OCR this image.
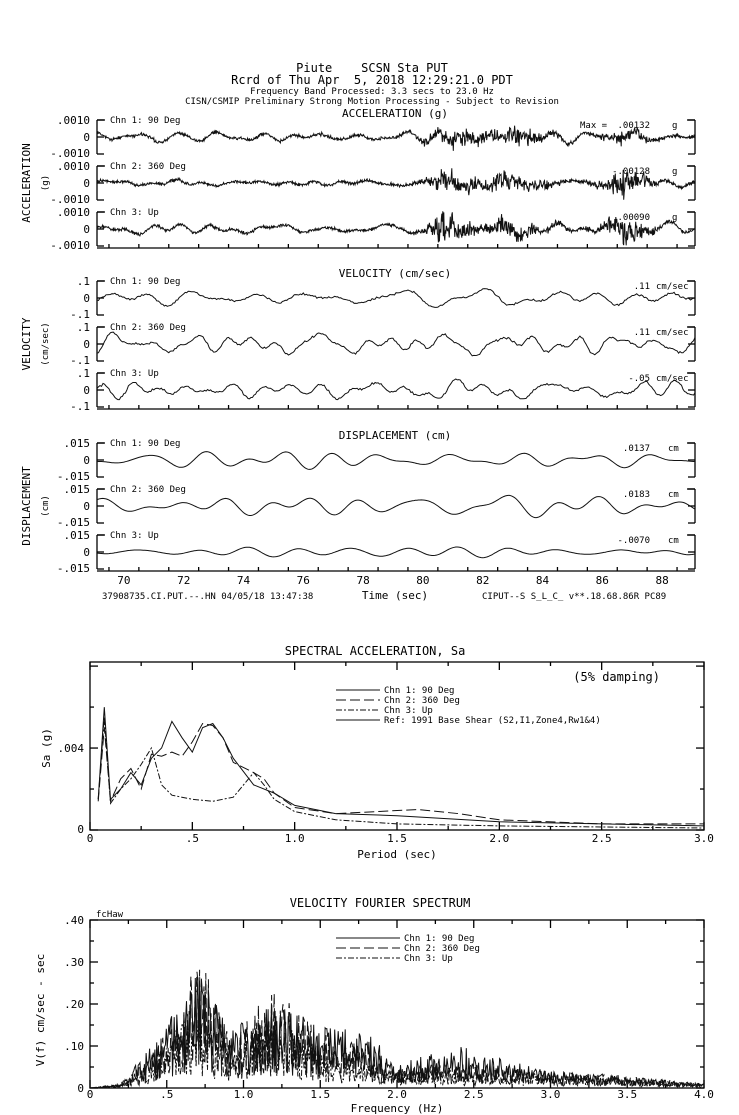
Piute    SCSN Sta PUT
Rcrd of Thu Apr  5, 2018 12:29:21.0 PDT
Frequency Band Processed: 3.3 secs to 23.0 Hz
CISN/CSMIP Preliminary Strong Motion Processing - Subject to Revision
37908735.CI.PUT.--.HN 04/05/18 13:47:38	CIPUT--S S_L_C_ v**.18.68.86R PC89
ACCELERATION (g)
ACCELERATION (g)
.0010
0
-.0010
Chn 1: 90 Deg	Max = .00132 g
.0010
0
-.0010
Chn 2: 360 Deg	-.00128 g
.0010
0
-.0010
Chn 3: Up	.00090 g
VELOCITY (cm/sec)
VELOCITY (cm/sec)
.1
0
-.1
Chn 1: 90 Deg	.11 cm/sec
.1
0
-.1
Chn 2: 360 Deg	.11 cm/sec
.1
0
-.1
Chn 3: Up	-.05 cm/sec
DISPLACEMENT (cm)
DISPLACEMENT (cm)
.015
0
-.015
Chn 1: 90 Deg	.0137 cm
.015
0
-.015
Chn 2: 360 Deg	.0183 cm
.015
0
-.015
Chn 3: Up	-.0070 cm
70	72	74	76	78	80	82	84	86	88
Time (sec)
SPECTRAL ACCELERATION, Sa
(5% damping)
Sa (g)
Period (sec)
0	.5	1.0	1.5	2.0	2.5	3.0
0
.004
Chn 1: 90 Deg
Chn 2: 360 Deg
Chn 3: Up
Ref: 1991 Base Shear (S2,I1,Zone4,Rw1&4)
VELOCITY FOURIER SPECTRUM
fcHaw
V(f) cm/sec - sec
Frequency (Hz)
0	.5	1.0	1.5	2.0	2.5	3.0	3.5	4.0
0
.10
.20
.30
.40
Chn 1: 90 Deg
Chn 2: 360 Deg
Chn 3: Up
